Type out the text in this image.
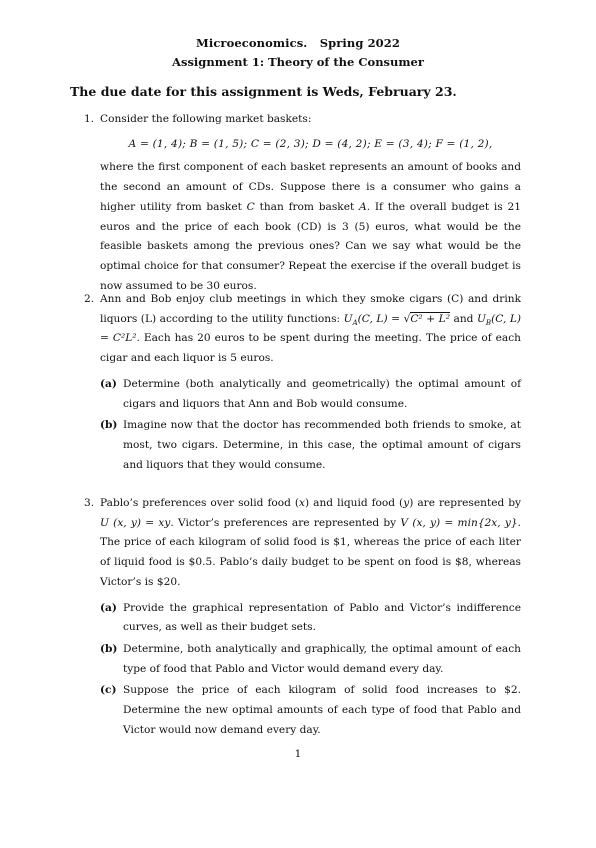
Microeconomics.   Spring 2022
Assignment 1: Theory of the Consumer
The due date for this assignment is Weds, February 23.
1. Consider the following market baskets:
A = (1, 4); B = (1, 5); C = (2, 3); D = (4, 2); E = (3, 4); F = (1, 2),
where the first component of each basket represents an amount of books and the second an amount of CDs. Suppose there is a consumer who gains a higher utility from basket C than from basket A. If the overall budget is 21 euros and the price of each book (CD) is 3 (5) euros, what would be the feasible baskets among the previous ones? Can we say what would be the optimal choice for that consumer? Repeat the exercise if the overall budget is now assumed to be 30 euros.
2. Ann and Bob enjoy club meetings in which they smoke cigars (C) and drink liquors (L) according to the utility functions: $U_A(C$, L) = √C² + L² and $U_B(C$, L) = C²L². Each has 20 euros to be spent during the meeting. The price of each cigar and each liquor is 5 euros.
(a) Determine (both analytically and geometrically) the optimal amount of cigars and liquors that Ann and Bob would consume.
(b) Imagine now that the doctor has recommended both friends to smoke, at most, two cigars. Determine, in this case, the optimal amount of cigars and liquors that they would consume.
3. Pablo’s preferences over solid food (x) and liquid food (y) are represented by U (x, y) = xy. Victor’s preferences are represented by V (x, y) = min{2x, y}. The price of each kilogram of solid food is $1, whereas the price of each liter of liquid food is $0.5. Pablo’s daily budget to be spent on food is $8, whereas Victor’s is $20.
(a) Provide the graphical representation of Pablo and Victor’s indifference curves, as well as their budget sets.
(b) Determine, both analytically and graphically, the optimal amount of each type of food that Pablo and Victor would demand every day.
(c) Suppose the price of each kilogram of solid food increases to $2. Determine the new optimal amounts of each type of food that Pablo and Victor would now demand every day.
1
